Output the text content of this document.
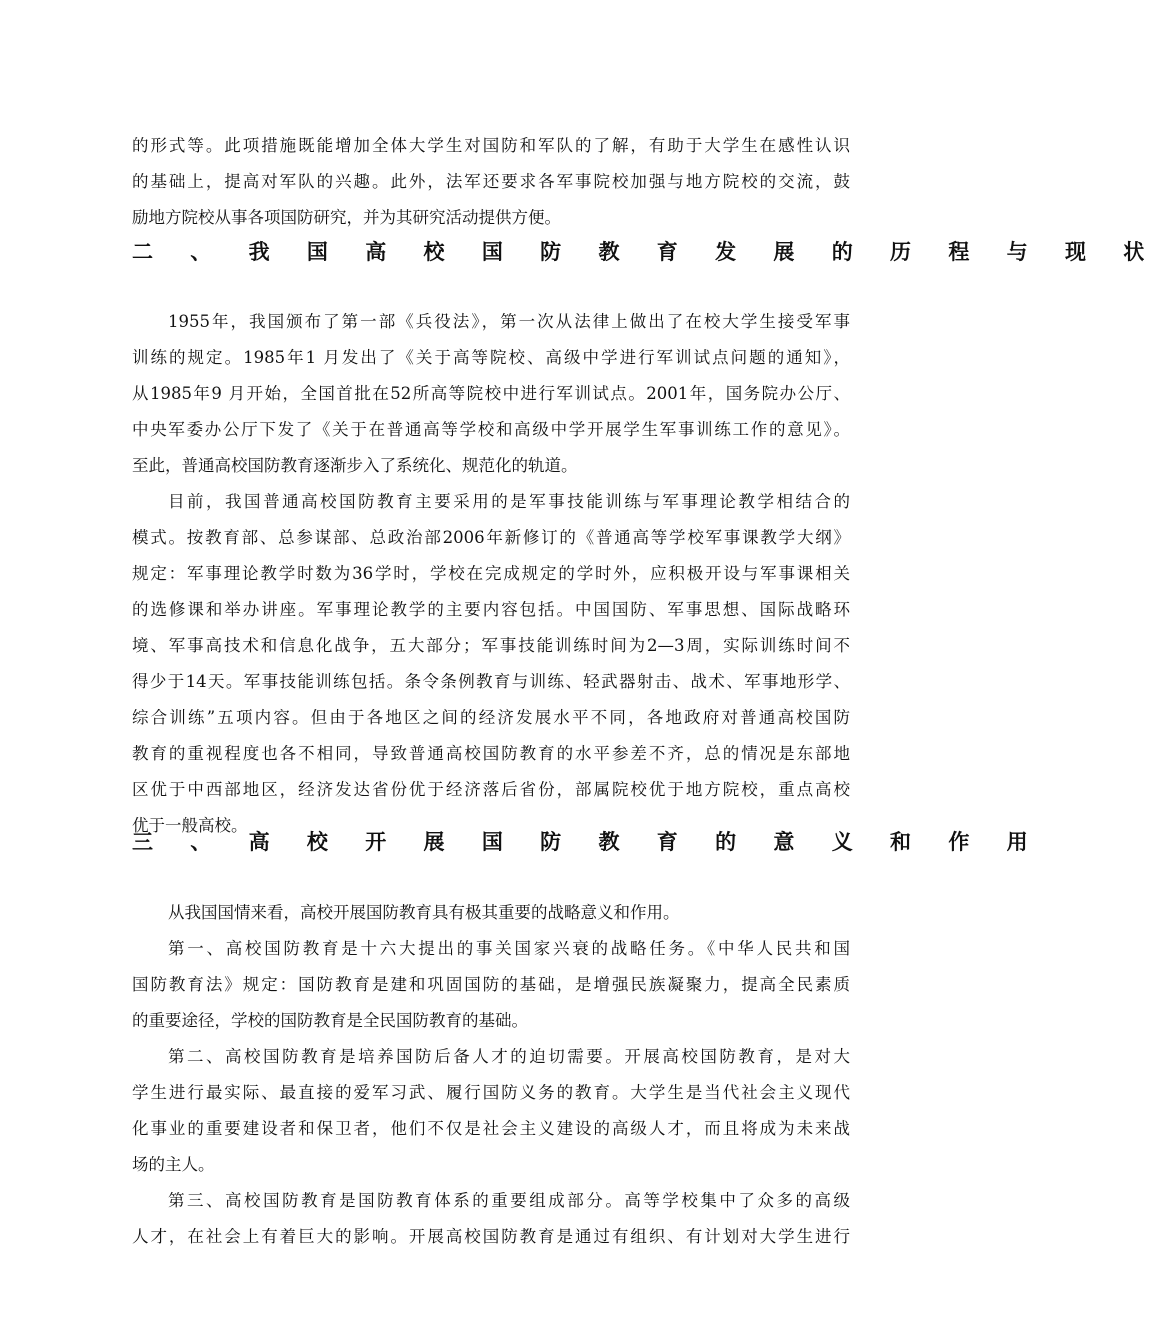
的形式等。此项措施既能增加全体大学生对国防和军队的了解，有助于大学生在感性认识
的基础上，提高对军队的兴趣。此外，法军还要求各军事院校加强与地方院校的交流，鼓
励地方院校从事各项国防研究，并为其研究活动提供方便。
二 、 我 国 高 校 国 防 教 育 发 展 的 历 程 与 现 状
1955年，我国颁布了第一部《兵役法》，第一次从法律上做出了在校大学生接受军事
训练的规定。1985年1 月发出了《关于高等院校、高级中学进行军训试点问题的通知》，
从1985年9 月开始，全国首批在52所高等院校中进行军训试点。2001年，国务院办公厅、
中央军委办公厅下发了《关于在普通高等学校和高级中学开展学生军事训练工作的意见》。
至此，普通高校国防教育逐渐步入了系统化、规范化的轨道。
目前，我国普通高校国防教育主要采用的是军事技能训练与军事理论教学相结合的
模式。按教育部、总参谋部、总政治部2006年新修订的《普通高等学校军事课教学大纲》
规定：军事理论教学时数为36学时，学校在完成规定的学时外，应积极开设与军事课相关
的选修课和举办讲座。军事理论教学的主要内容包括。中国国防、军事思想、国际战略环
境、军事高技术和信息化战争，五大部分；军事技能训练时间为2—3周，实际训练时间不
得少于14天。军事技能训练包括。条令条例教育与训练、轻武器射击、战术、军事地形学、
综合训练”五项内容。但由于各地区之间的经济发展水平不同，各地政府对普通高校国防
教育的重视程度也各不相同，导致普通高校国防教育的水平参差不齐，总的情况是东部地
区优于中西部地区，经济发达省份优于经济落后省份，部属院校优于地方院校，重点高校
优于一般高校。
三 、 高 校 开 展 国 防 教 育 的 意 义 和 作 用
从我国国情来看，高校开展国防教育具有极其重要的战略意义和作用。
第一、高校国防教育是十六大提出的事关国家兴衰的战略任务。《中华人民共和国
国防教育法》规定：国防教育是建和巩固国防的基础，是增强民族凝聚力，提高全民素质
的重要途径，学校的国防教育是全民国防教育的基础。
第二、高校国防教育是培养国防后备人才的迫切需要。开展高校国防教育，是对大
学生进行最实际、最直接的爱军习武、履行国防义务的教育。大学生是当代社会主义现代
化事业的重要建设者和保卫者，他们不仅是社会主义建设的高级人才，而且将成为未来战
场的主人。
第三、高校国防教育是国防教育体系的重要组成部分。高等学校集中了众多的高级
人才，在社会上有着巨大的影响。开展高校国防教育是通过有组织、有计划对大学生进行
